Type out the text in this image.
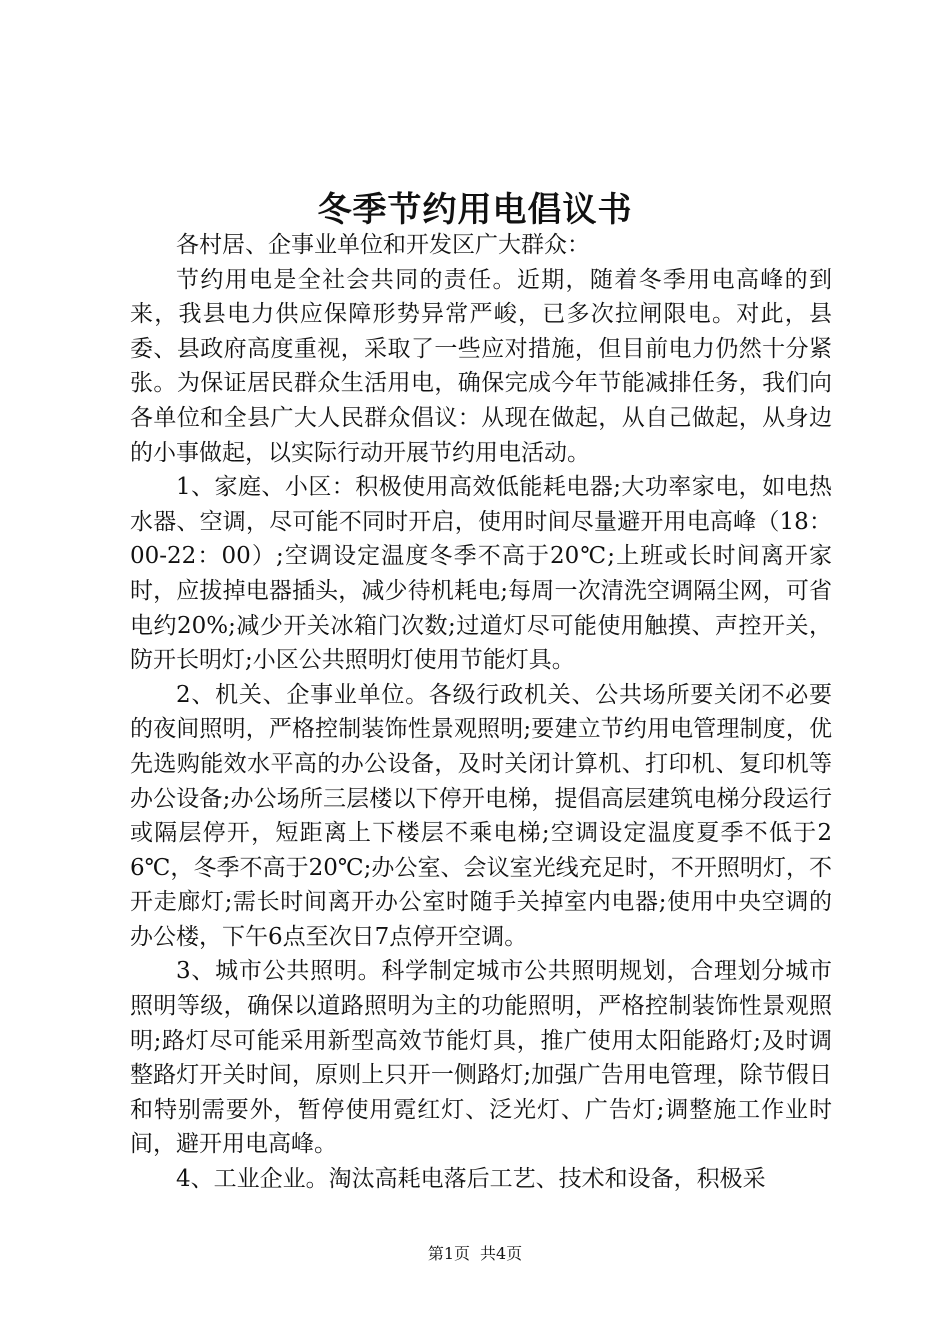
冬季节约用电倡议书

各村居、企事业单位和开发区广大群众：

节约用电是全社会共同的责任。近期，随着冬季用电高峰的到来，我县电力供应保障形势异常严峻，已多次拉闸限电。对此，县委、县政府高度重视，采取了一些应对措施，但目前电力仍然十分紧张。为保证居民群众生活用电，确保完成今年节能减排任务，我们向各单位和全县广大人民群众倡议：从现在做起，从自己做起，从身边的小事做起，以实际行动开展节约用电活动。

1、家庭、小区：积极使用高效低能耗电器;大功率家电，如电热水器、空调，尽可能不同时开启，使用时间尽量避开用电高峰（18：00-22：00）;空调设定温度冬季不高于20℃;上班或长时间离开家时，应拔掉电器插头，减少待机耗电;每周一次清洗空调隔尘网，可省电约20%;减少开关冰箱门次数;过道灯尽可能使用触摸、声控开关，防开长明灯;小区公共照明灯使用节能灯具。

2、机关、企事业单位。各级行政机关、公共场所要关闭不必要的夜间照明，严格控制装饰性景观照明;要建立节约用电管理制度，优先选购能效水平高的办公设备，及时关闭计算机、打印机、复印机等办公设备;办公场所三层楼以下停开电梯，提倡高层建筑电梯分段运行或隔层停开，短距离上下楼层不乘电梯;空调设定温度夏季不低于26℃，冬季不高于20℃;办公室、会议室光线充足时，不开照明灯，不开走廊灯;需长时间离开办公室时随手关掉室内电器;使用中央空调的办公楼，下午6点至次日7点停开空调。

3、城市公共照明。科学制定城市公共照明规划，合理划分城市照明等级，确保以道路照明为主的功能照明，严格控制装饰性景观照明;路灯尽可能采用新型高效节能灯具，推广使用太阳能路灯;及时调整路灯开关时间，原则上只开一侧路灯;加强广告用电管理，除节假日和特别需要外，暂停使用霓红灯、泛光灯、广告灯;调整施工作业时间，避开用电高峰。

4、工业企业。淘汰高耗电落后工艺、技术和设备，积极采

第1页 共4页
